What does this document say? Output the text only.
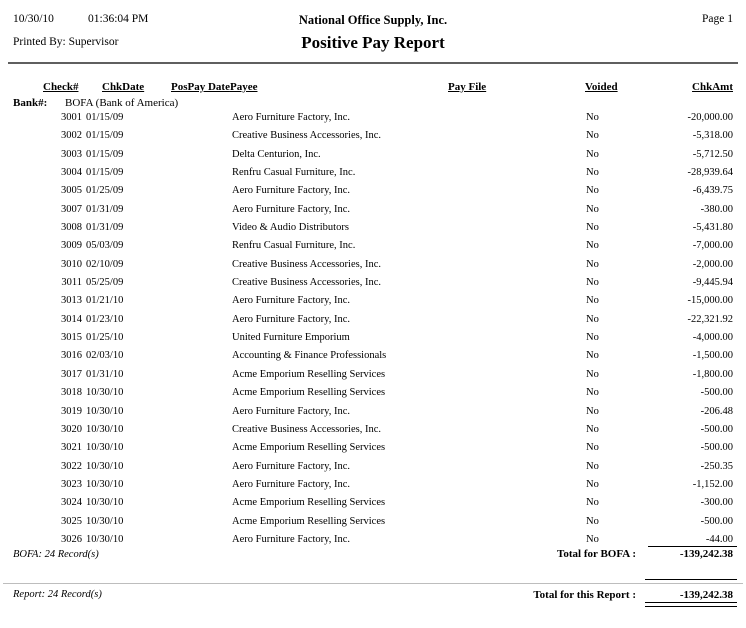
10/30/10	01:36:04 PM
Printed By: Supervisor
National Office Supply, Inc.
Positive Pay Report
Page 1
Check# ChkDate PosPay Date Payee	Pay File	Voided	ChkAmt
Bank#: BOFA (Bank of America)
3001 01/15/09	Aero Furniture Factory, Inc.	No	-20,000.00
3002 01/15/09	Creative Business Accessories, Inc.	No	-5,318.00
3003 01/15/09	Delta Centurion, Inc.	No	-5,712.50
3004 01/15/09	Renfru Casual Furniture, Inc.	No	-28,939.64
3005 01/25/09	Aero Furniture Factory, Inc.	No	-6,439.75
3007 01/31/09	Aero Furniture Factory, Inc.	No	-380.00
3008 01/31/09	Video & Audio Distributors	No	-5,431.80
3009 05/03/09	Renfru Casual Furniture, Inc.	No	-7,000.00
3010 02/10/09	Creative Business Accessories, Inc.	No	-2,000.00
3011 05/25/09	Creative Business Accessories, Inc.	No	-9,445.94
3013 01/21/10	Aero Furniture Factory, Inc.	No	-15,000.00
3014 01/23/10	Aero Furniture Factory, Inc.	No	-22,321.92
3015 01/25/10	United Furniture Emporium	No	-4,000.00
3016 02/03/10	Accounting & Finance Professionals	No	-1,500.00
3017 01/31/10	Acme Emporium Reselling Services	No	-1,800.00
3018 10/30/10	Acme Emporium Reselling Services	No	-500.00
3019 10/30/10	Aero Furniture Factory, Inc.	No	-206.48
3020 10/30/10	Creative Business Accessories, Inc.	No	-500.00
3021 10/30/10	Acme Emporium Reselling Services	No	-500.00
3022 10/30/10	Aero Furniture Factory, Inc.	No	-250.35
3023 10/30/10	Aero Furniture Factory, Inc.	No	-1,152.00
3024 10/30/10	Acme Emporium Reselling Services	No	-300.00
3025 10/30/10	Acme Emporium Reselling Services	No	-500.00
3026 10/30/10	Aero Furniture Factory, Inc.	No	-44.00
BOFA: 24 Record(s)	Total for BOFA :	-139,242.38
Report: 24 Record(s)	Total for this Report :	-139,242.38
